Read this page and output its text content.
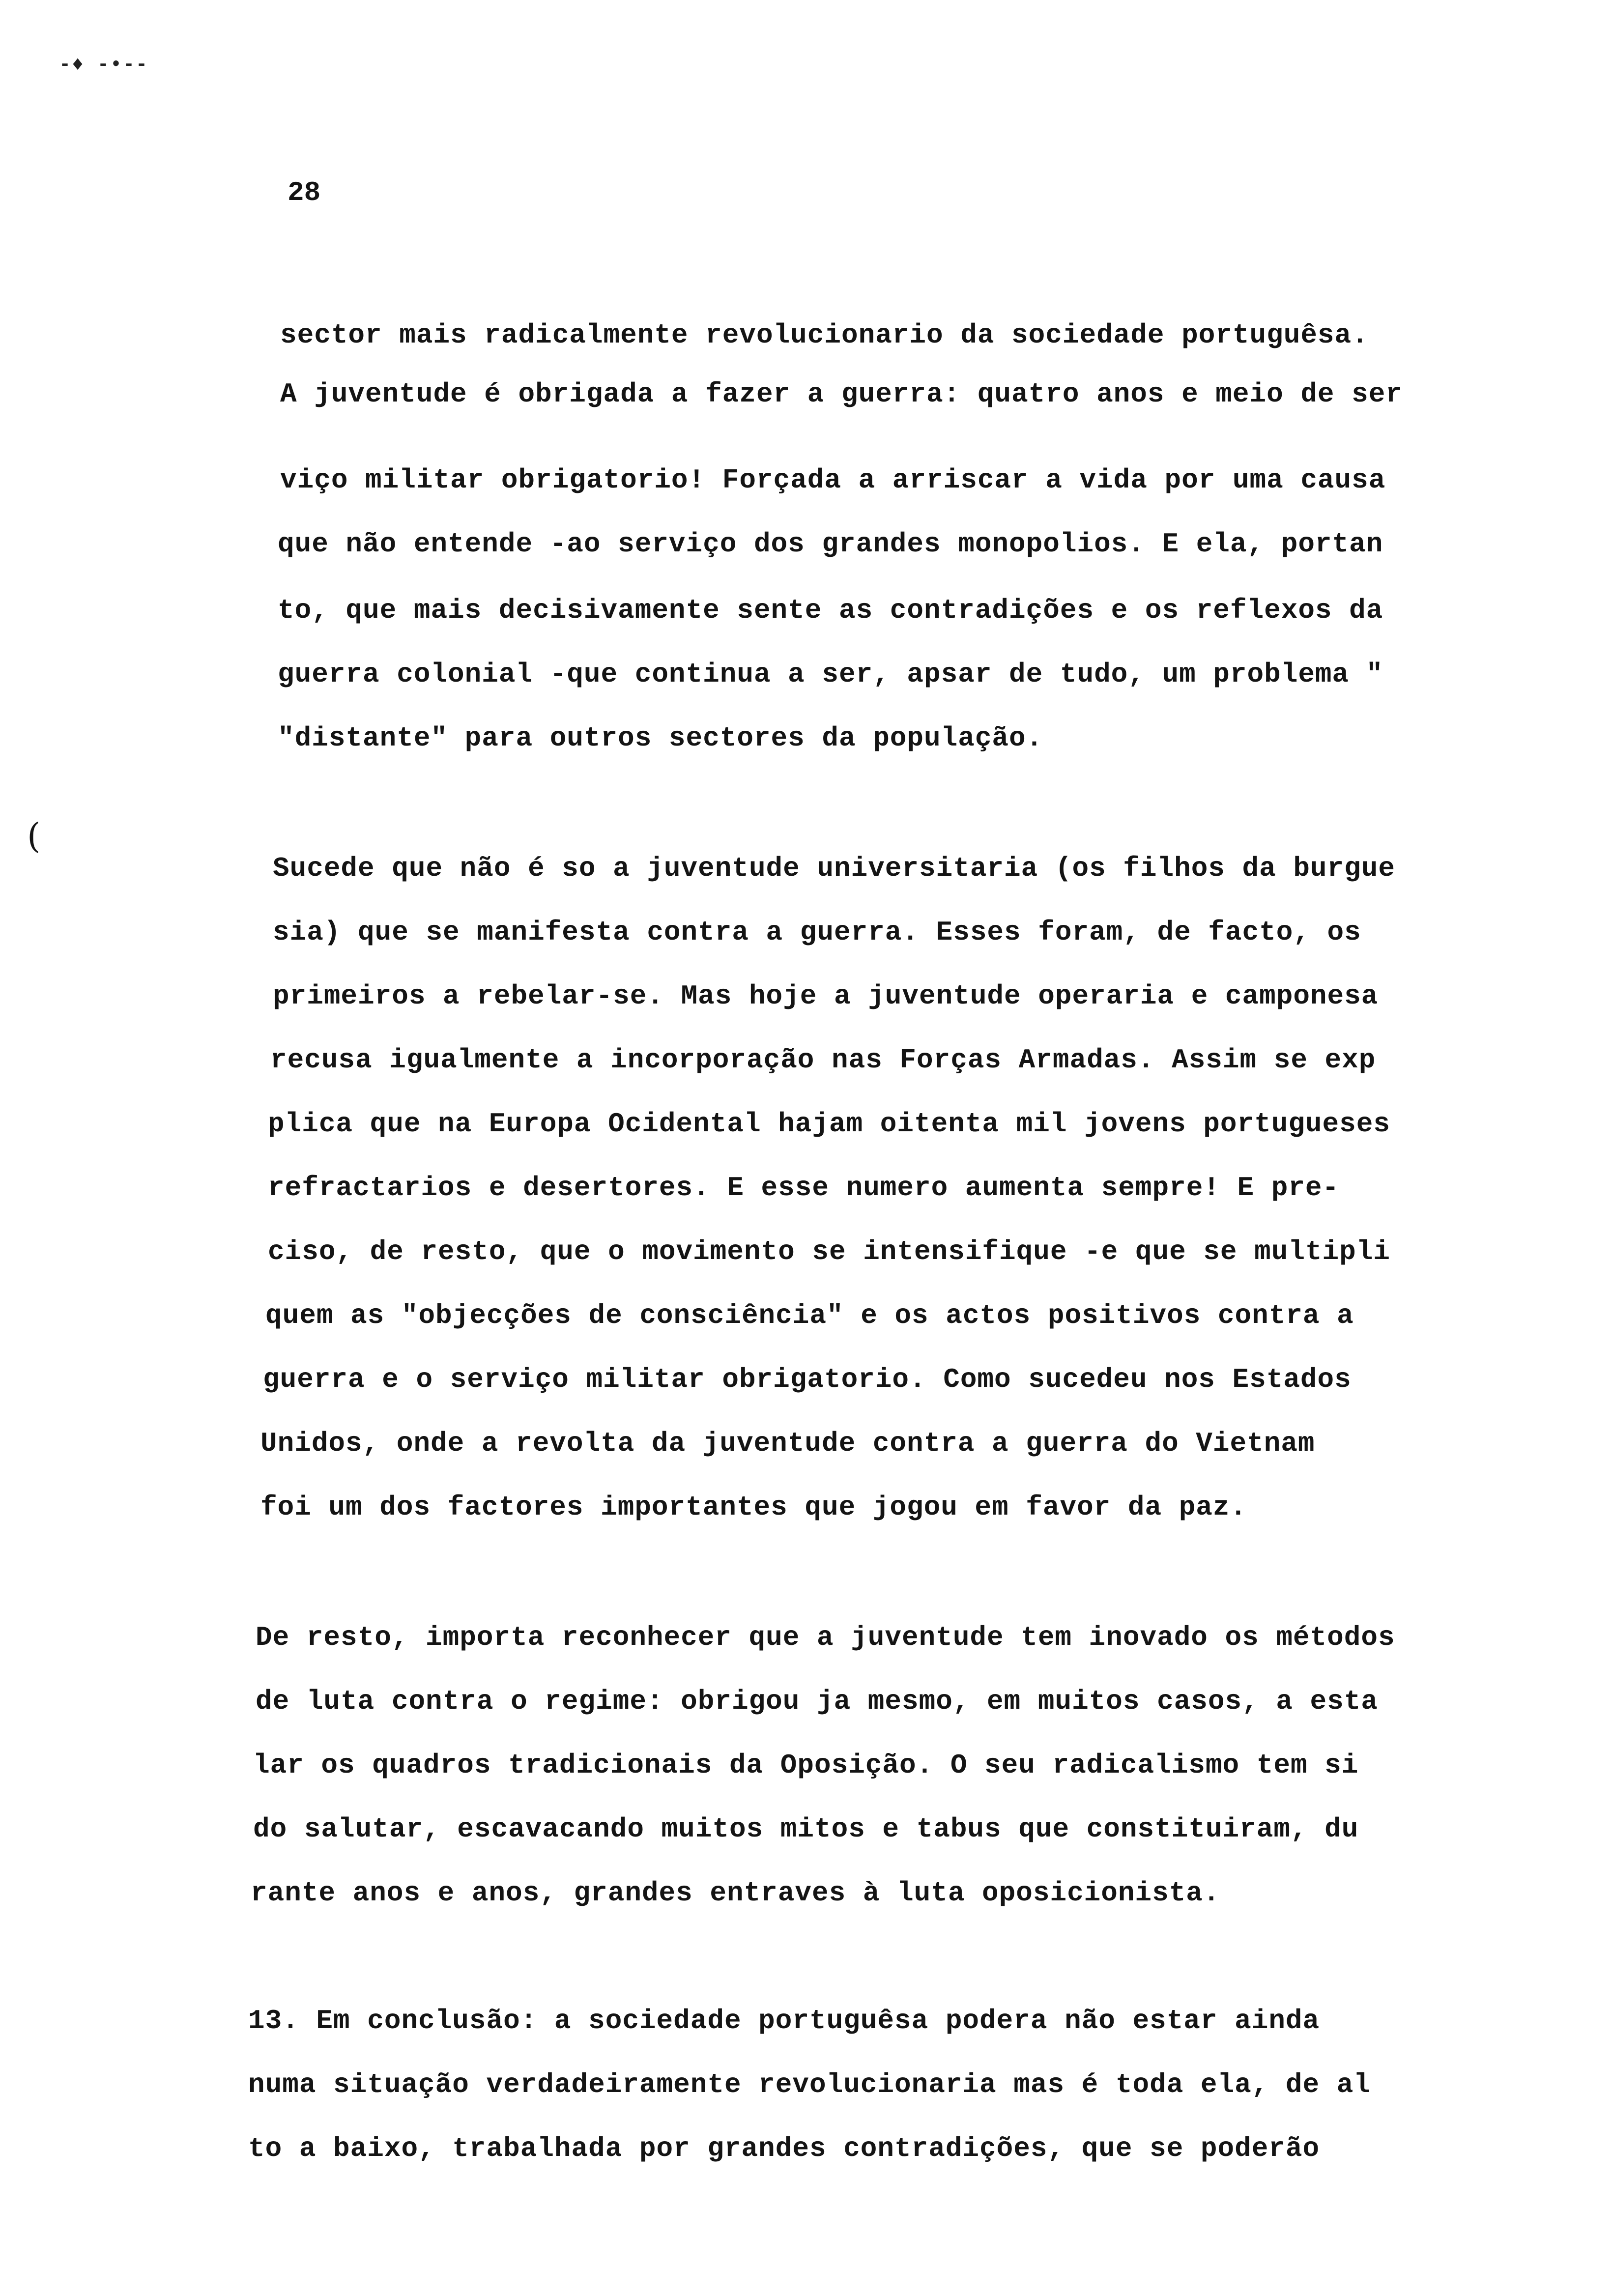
-♦ -•--
28
(
sector mais radicalmente revolucionario da sociedade portuguêsa.
A juventude é obrigada a fazer a guerra: quatro anos e meio de ser
viço militar obrigatorio! Forçada a arriscar a vida por uma causa
que não entende -ao serviço dos grandes monopolios. E ela, portan
to, que mais decisivamente sente as contradições e os reflexos da
guerra colonial -que continua a ser, apsar de tudo, um problema "
"distante" para outros sectores da população.
Sucede que não é so a juventude universitaria (os filhos da burgue
sia) que se manifesta contra a guerra. Esses foram, de facto, os
primeiros a rebelar-se. Mas hoje a juventude operaria e camponesa
recusa igualmente a incorporação nas Forças Armadas. Assim se exp
plica que na Europa Ocidental hajam oitenta mil jovens portugueses
refractarios e desertores. E esse numero aumenta sempre! E pre-
ciso, de resto, que o movimento se intensifique -e que se multipli
quem as "objecções de consciência" e os actos positivos contra a
guerra e o serviço militar obrigatorio. Como sucedeu nos Estados
Unidos, onde a revolta da juventude contra a guerra do Vietnam
foi um dos factores importantes que jogou em favor da paz.
De resto, importa reconhecer que a juventude tem inovado os métodos
de luta contra o regime: obrigou ja mesmo, em muitos casos, a esta
lar os quadros tradicionais da Oposição. O seu radicalismo tem si
do salutar, escavacando muitos mitos e tabus que constituiram, du
rante anos e anos, grandes entraves à luta oposicionista.
13. Em conclusão: a sociedade portuguêsa podera não estar ainda
numa situação verdadeiramente revolucionaria mas é toda ela, de al
to a baixo, trabalhada por grandes contradições, que se poderão
